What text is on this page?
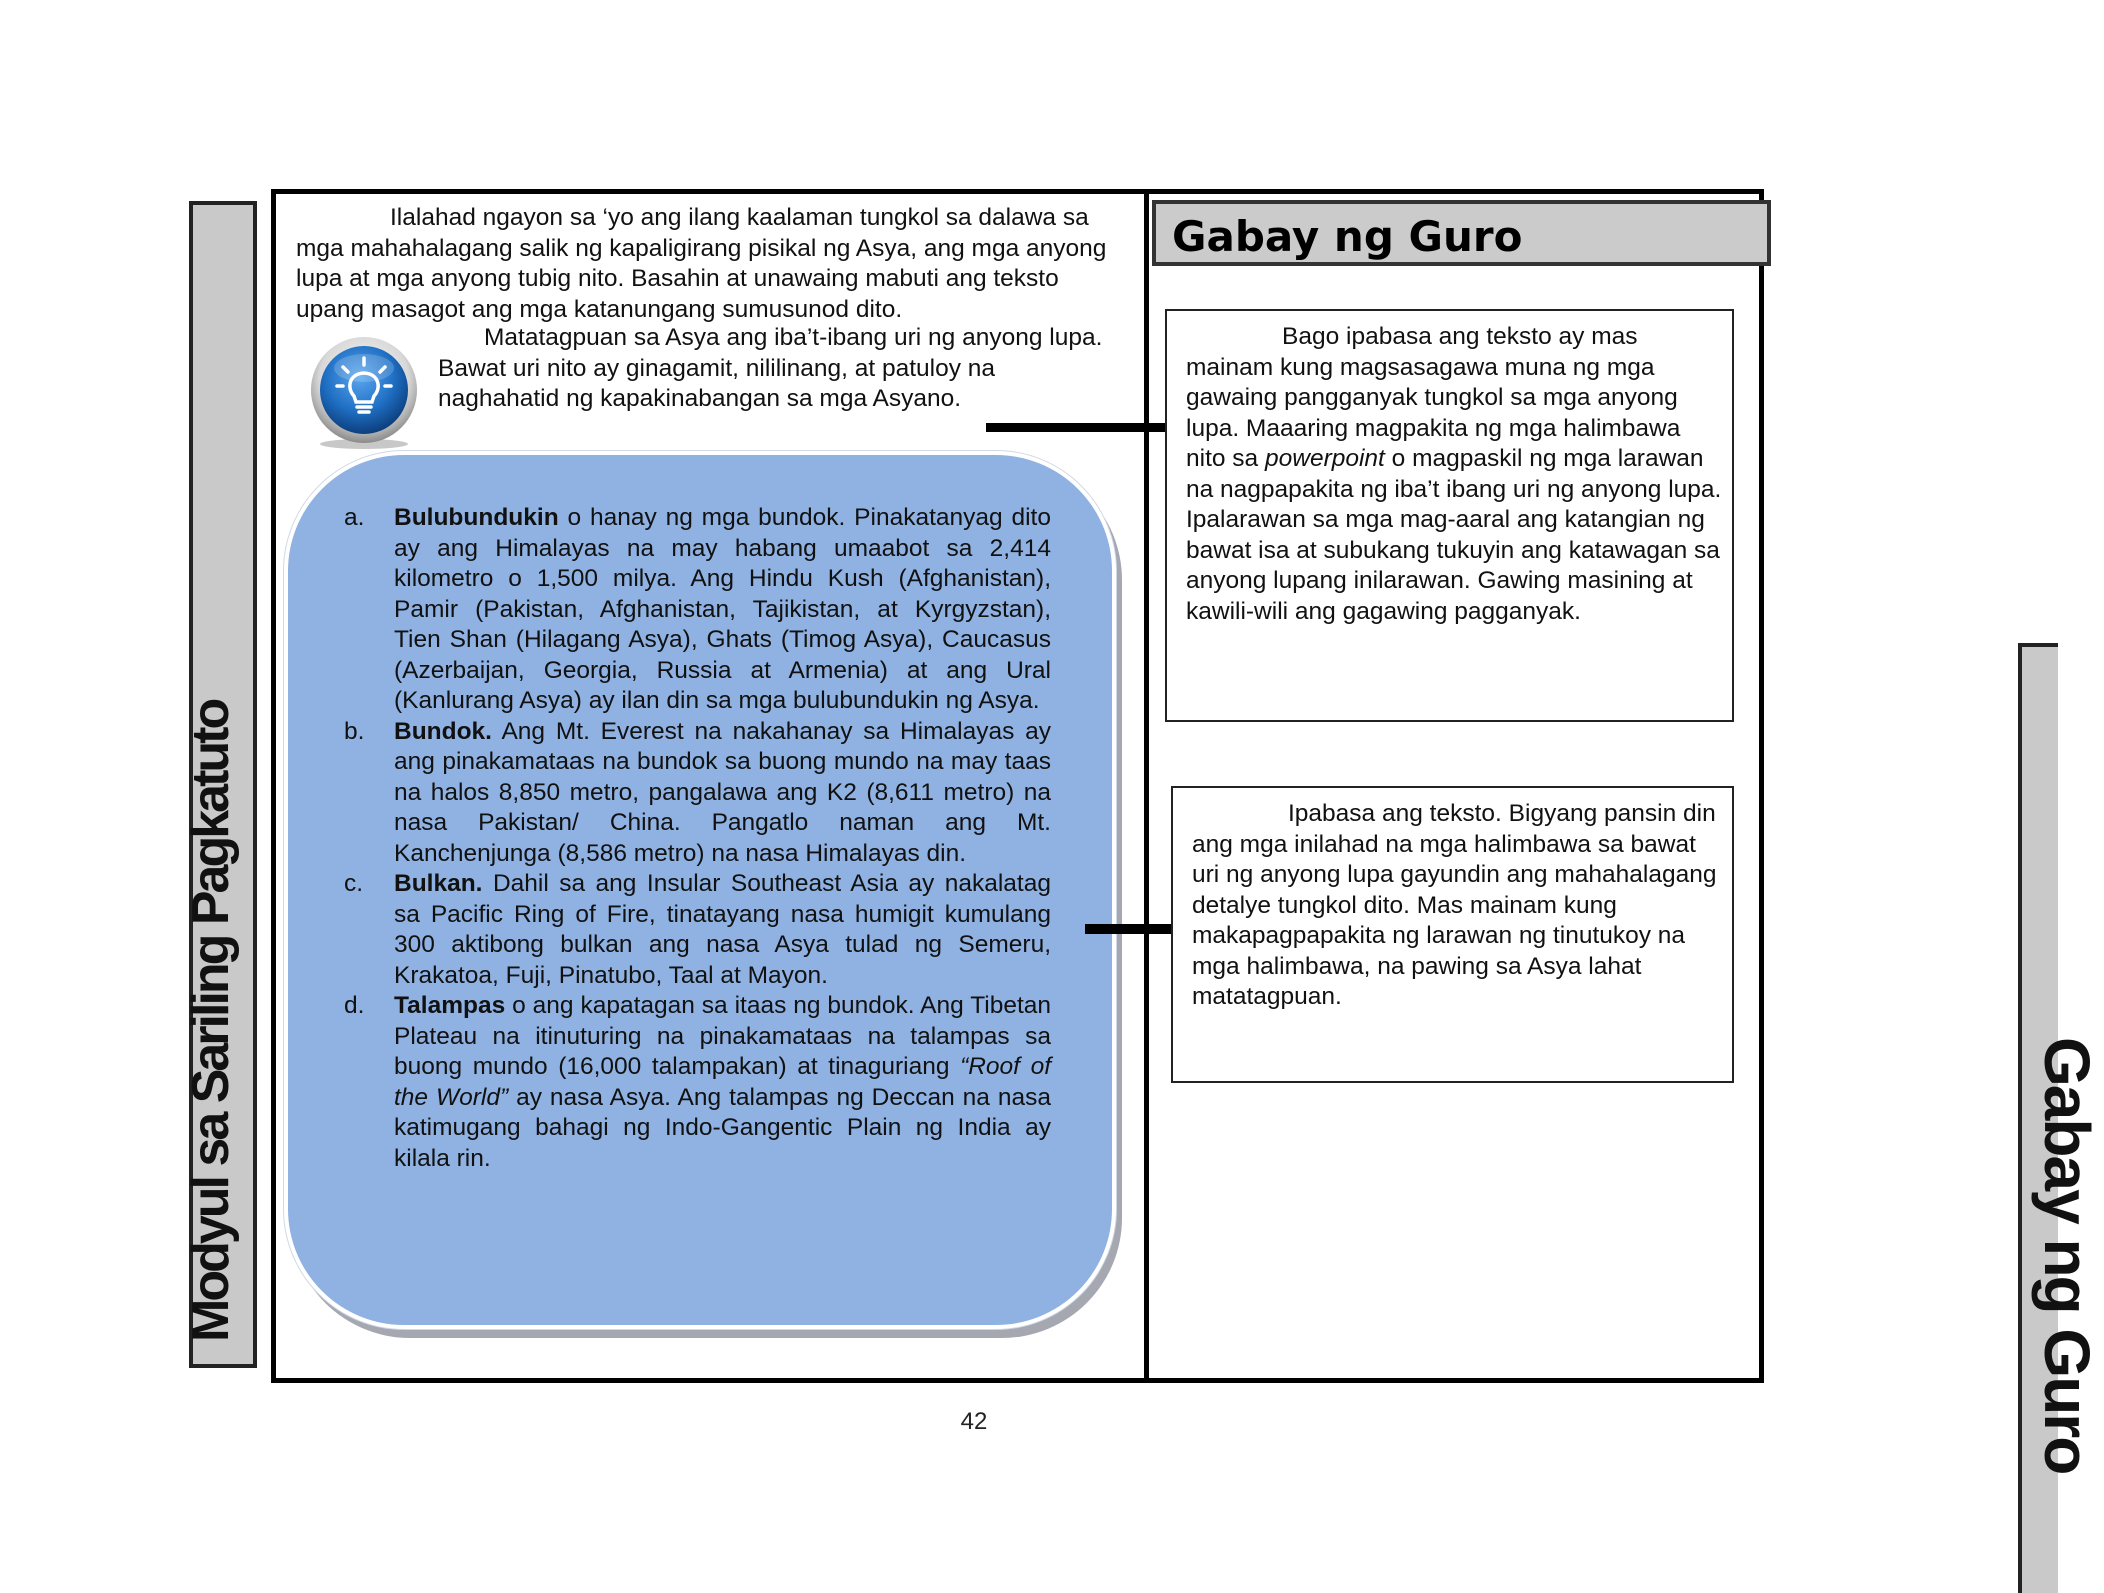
Modyul sa Sariling Pagkatuto
Gabay ng Guro

Ilalahad ngayon sa ‘yo ang ilang kaalaman tungkol sa dalawa sa mga mahahalagang salik ng kapaligirang pisikal ng Asya, ang mga anyong lupa at mga anyong tubig nito. Basahin at unawaing mabuti ang teksto upang masagot ang mga katanungang sumusunod dito.

Matatagpuan sa Asya ang iba’t-ibang uri ng anyong lupa. Bawat uri nito ay ginagamit, nililinang, at patuloy na naghahatid ng kapakinabangan sa mga Asyano.

a. Bulubundukin o hanay ng mga bundok. Pinakatanyag dito ay ang Himalayas na may habang umaabot sa 2,414 kilometro o 1,500 milya. Ang Hindu Kush (Afghanistan), Pamir (Pakistan, Afghanistan, Tajikistan, at Kyrgyzstan), Tien Shan (Hilagang Asya), Ghats (Timog Asya), Caucasus (Azerbaijan, Georgia, Russia at Armenia) at ang Ural (Kanlurang Asya) ay ilan din sa mga bulubundukin ng Asya.

b. Bundok. Ang Mt. Everest na nakahanay sa Himalayas ay ang pinakamataas na bundok sa buong mundo na may taas na halos 8,850 metro, pangalawa ang K2 (8,611 metro) na nasa Pakistan/ China. Pangatlo naman ang Mt. Kanchenjunga (8,586 metro) na nasa Himalayas din.

c. Bulkan. Dahil sa ang Insular Southeast Asia ay nakalatag sa Pacific Ring of Fire, tinatayang nasa humigit kumulang 300 aktibong bulkan ang nasa Asya tulad ng Semeru, Krakatoa, Fuji, Pinatubo, Taal at Mayon.

d. Talampas o ang kapatagan sa itaas ng bundok. Ang Tibetan Plateau na itinuturing na pinakamataas na talampas sa buong mundo (16,000 talampakan) at tinaguriang “Roof of the World” ay nasa Asya. Ang talampas ng Deccan na nasa katimugang bahagi ng Indo-Gangentic Plain ng India ay kilala rin.

Bago ipabasa ang teksto ay mas mainam kung magsasagawa muna ng mga gawaing pangganyak tungkol sa mga anyong lupa. Maaaring magpakita ng mga halimbawa nito sa powerpoint o magpaskil ng mga larawan na nagpapakita ng iba’t ibang uri ng anyong lupa. Ipalarawan sa mga mag-aaral ang katangian ng bawat isa at subukang tukuyin ang katawagan sa anyong lupang inilarawan. Gawing masining at kawili-wili ang gagawing pagganyak.

Ipabasa ang teksto. Bigyang pansin din ang mga inilahad na mga halimbawa sa bawat uri ng anyong lupa gayundin ang mahahalagang detalye tungkol dito. Mas mainam kung makapagpapakita ng larawan ng tinutukoy na mga halimbawa, na pawing sa Asya lahat matatagpuan.

42	Gabay ng Guro
